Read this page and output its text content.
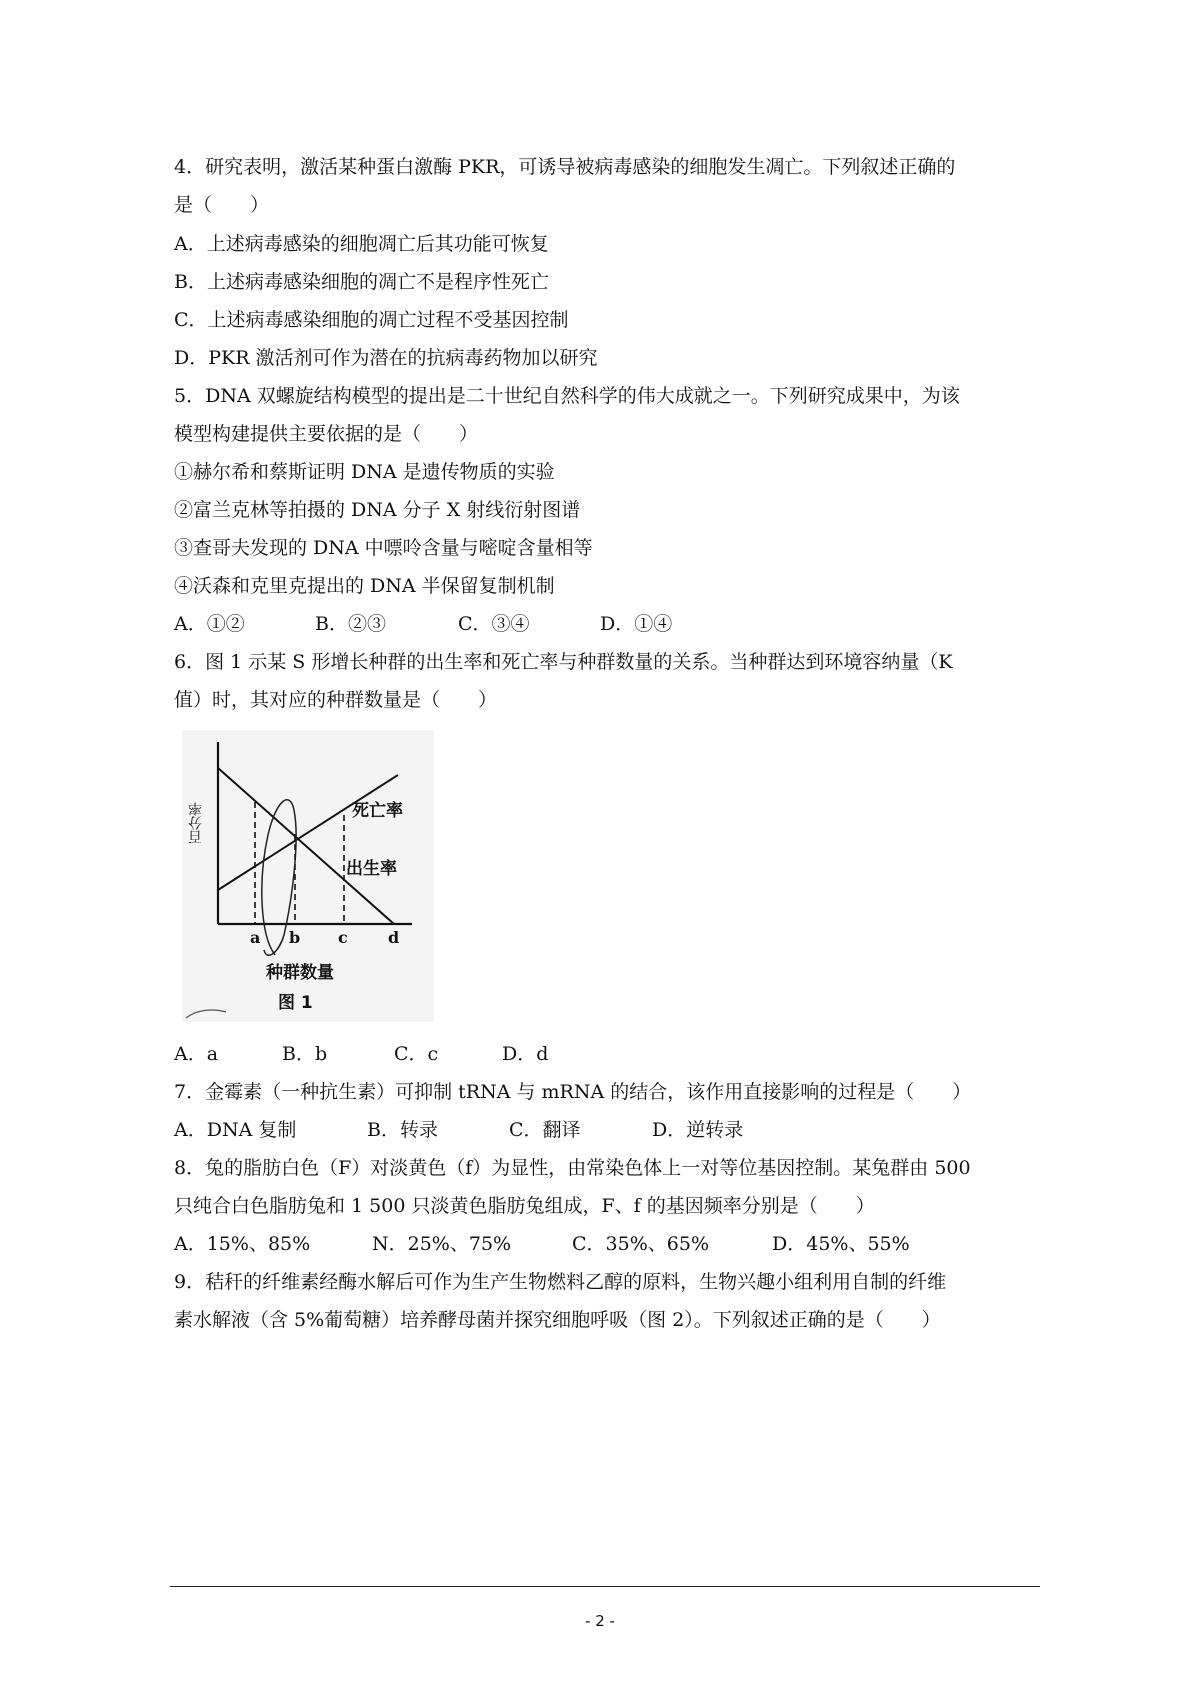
4．研究表明，激活某种蛋白激酶 PKR，可诱导被病毒感染的细胞发生凋亡。下列叙述正确的
是（　　）
A．上述病毒感染的细胞凋亡后其功能可恢复
B．上述病毒感染细胞的凋亡不是程序性死亡
C．上述病毒感染细胞的凋亡过程不受基因控制
D．PKR 激活剂可作为潜在的抗病毒药物加以研究
5．DNA 双螺旋结构模型的提出是二十世纪自然科学的伟大成就之一。下列研究成果中，为该
模型构建提供主要依据的是（　　）
①赫尔希和蔡斯证明 DNA 是遗传物质的实验
②富兰克林等拍摄的 DNA 分子 X 射线衍射图谱
③查哥夫发现的 DNA 中嘌呤含量与嘧啶含量相等
④沃森和克里克提出的 DNA 半保留复制机制
A．①②	B．②③	C．③④	D．①④
6．图 1 示某 S 形增长种群的出生率和死亡率与种群数量的关系。当种群达到环境容纳量（K
值）时，其对应的种群数量是（　　）
百分率	死亡率
出生率
a b c	d
种群数量
图 1
A．a	B．b	C．c	D．d
7．金霉素（一种抗生素）可抑制 tRNA 与 mRNA 的结合，该作用直接影响的过程是（　　）
A．DNA 复制	B．转录	C．翻译	D．逆转录
8．兔的脂肪白色（F）对淡黄色（f）为显性，由常染色体上一对等位基因控制。某兔群由 500
只纯合白色脂肪兔和 1 500 只淡黄色脂肪兔组成，F、f 的基因频率分别是（　　）
A．15%、85%	N．25%、75%	C．35%、65%	D．45%、55%
9．秸秆的纤维素经酶水解后可作为生产生物燃料乙醇的原料，生物兴趣小组利用自制的纤维
素水解液（含 5%葡萄糖）培养酵母菌并探究细胞呼吸（图 2）。下列叙述正确的是（　　）
- 2 -
